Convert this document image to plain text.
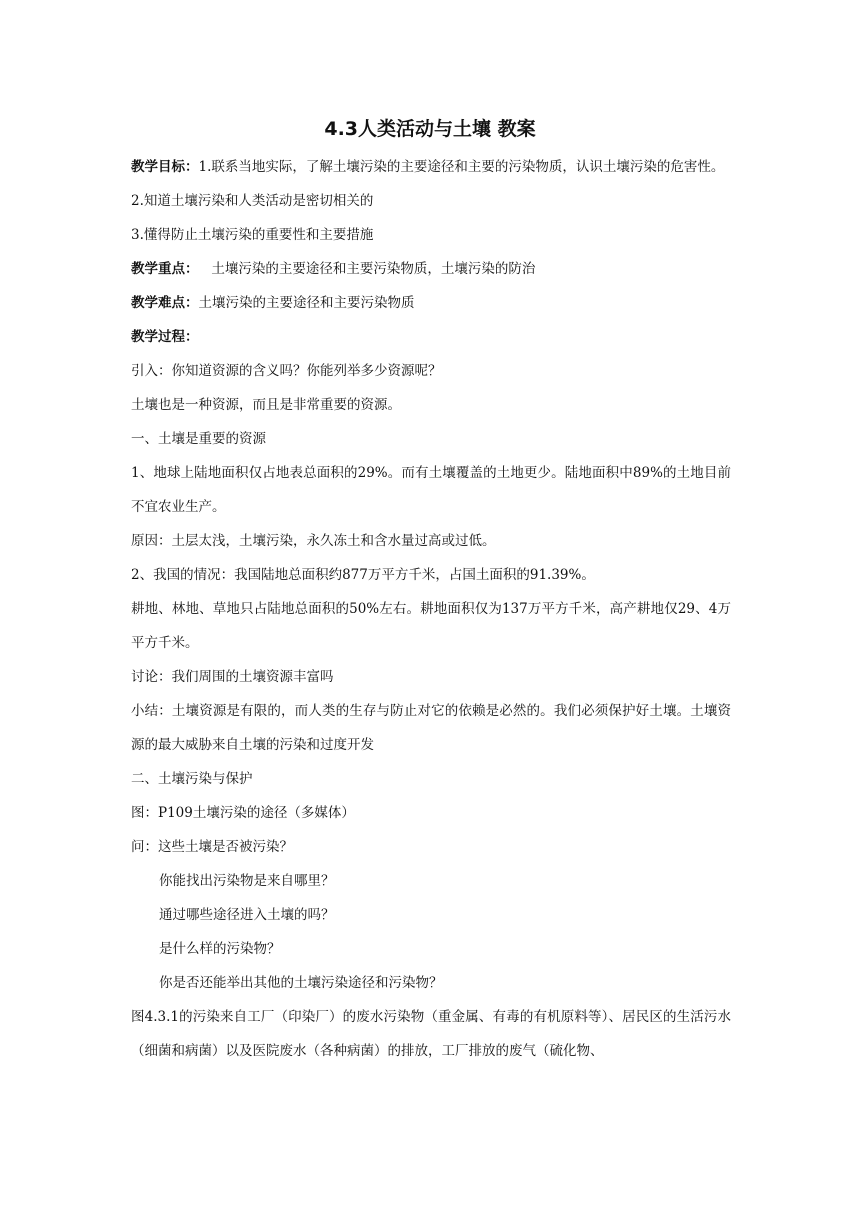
4.3人类活动与土壤 教案

教学目标：1.联系当地实际，了解土壤污染的主要途径和主要的污染物质，认识土壤污染的危害性。

2.知道土壤污染和人类活动是密切相关的

3.懂得防止土壤污染的重要性和主要措施

教学重点： 土壤污染的主要途径和主要污染物质，土壤污染的防治

教学难点：土壤污染的主要途径和主要污染物质

教学过程：

引入：你知道资源的含义吗？你能列举多少资源呢？

土壤也是一种资源，而且是非常重要的资源。

一、土壤是重要的资源

1、地球上陆地面积仅占地表总面积的29%。而有土壤覆盖的土地更少。陆地面积中89%的土地目前不宜农业生产。

原因：土层太浅，土壤污染，永久冻土和含水量过高或过低。

2、我国的情况：我国陆地总面积约877万平方千米，占国土面积的91.39%。

耕地、林地、草地只占陆地总面积的50%左右。耕地面积仅为137万平方千米，高产耕地仅29、4万平方千米。

讨论：我们周围的土壤资源丰富吗

小结：土壤资源是有限的，而人类的生存与防止对它的依赖是必然的。我们必须保护好土壤。土壤资源的最大威胁来自土壤的污染和过度开发

二、土壤污染与保护

图：P109土壤污染的途径（多媒体）

问：这些土壤是否被污染？

你能找出污染物是来自哪里？

通过哪些途径进入土壤的吗？

是什么样的污染物？

你是否还能举出其他的土壤污染途径和污染物？

图4.3.1的污染来自工厂（印染厂）的废水污染物（重金属、有毒的有机原料等）、居民区的生活污水（细菌和病菌）以及医院废水（各种病菌）的排放，工厂排放的废气（硫化物、
